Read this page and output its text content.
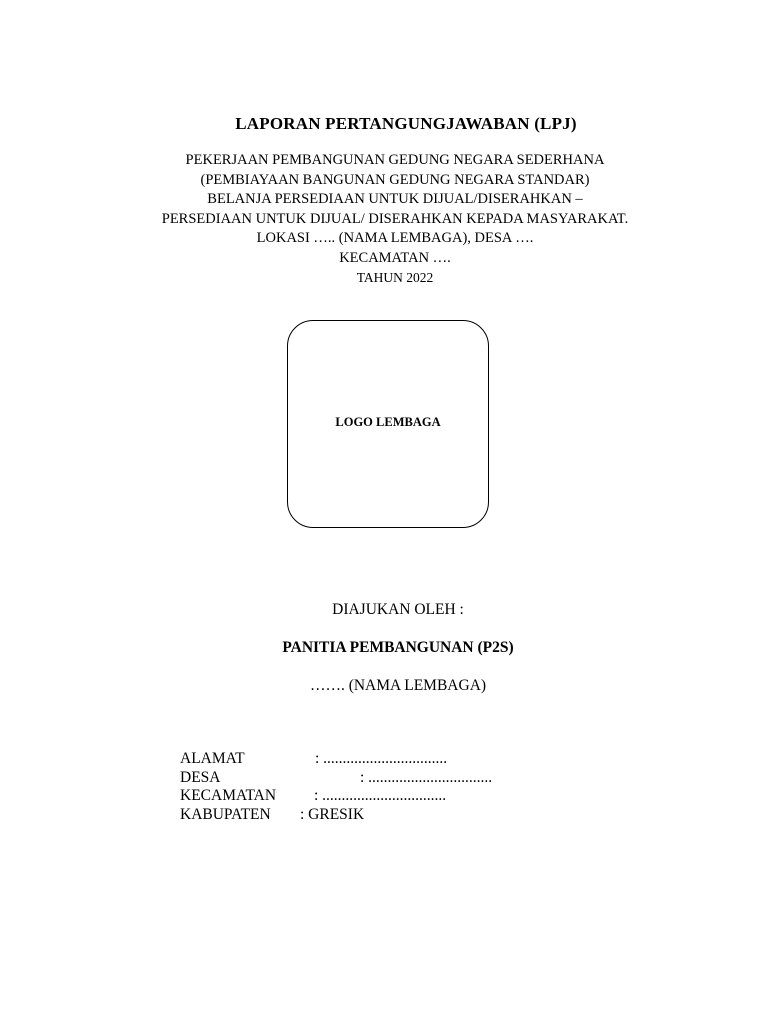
LAPORAN PERTANGUNGJAWABAN (LPJ)
PEKERJAAN PEMBANGUNAN GEDUNG NEGARA SEDERHANA
(PEMBIAYAAN BANGUNAN GEDUNG NEGARA STANDAR)
BELANJA PERSEDIAAN UNTUK DIJUAL/DISERAHKAN –
PERSEDIAAN UNTUK DIJUAL/ DISERAHKAN KEPADA MASYARAKAT.
LOKASI ….. (NAMA LEMBAGA), DESA ….
KECAMATAN ….
TAHUN 2022
LOGO LEMBAGA
DIAJUKAN OLEH :
PANITIA PEMBANGUNAN (P2S)
……. (NAMA LEMBAGA)
ALAMAT	: ................................
DESA	: ................................
KECAMATAN : ................................
KABUPATEN : GRESIK
